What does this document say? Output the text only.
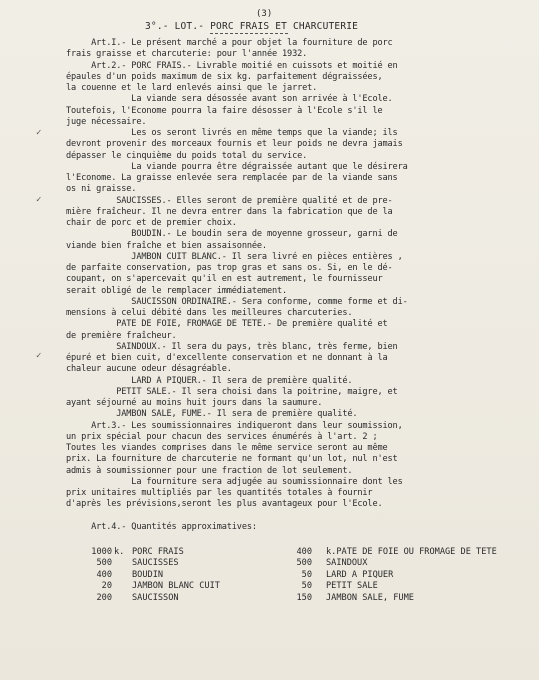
(3)
3°.- LOT.- PORC FRAIS ET CHARCUTERIE
✓
✓
✓
Art.I.- Le présent marché a pour objet la fourniture de porc
frais graisse et charcuterie: pour l'année 1932.
Art.2.- PORC FRAIS.- Livrable moitié en cuissots et moitié en
épaules d'un poids maximum de six kg. parfaitement dégraissées,
la couenne et le lard enlevés ainsi que le jarret.
La viande sera désossée avant son arrivée à l'Ecole.
Toutefois, l'Econome pourra la faire désosser à l'Ecole s'il le
juge nécessaire.
Les os seront livrés en même temps que la viande; ils
devront provenir des morceaux fournis et leur poids ne devra jamais
dépasser le cinquième du poids total du service.
La viande pourra être dégraissée autant que le désirera
l'Econome. La graisse enlevée sera remplacée par de la viande sans
os ni graisse.
SAUCISSES.- Elles seront de première qualité et de pre-
mière fraîcheur. Il ne devra entrer dans la fabrication que de la
chair de porc et de premier choix.
BOUDIN.- Le boudin sera de moyenne grosseur, garni de
viande bien fraîche et bien assaisonnée.
JAMBON CUIT BLANC.- Il sera livré en pièces entières ,
de parfaite conservation, pas trop gras et sans os. Si, en le dé-
coupant, on s'apercevait qu'il en est autrement, le fournisseur
serait obligé de le remplacer immédiatement.
SAUCISSON ORDINAIRE.- Sera conforme, comme forme et di-
mensions à celui débité dans les meilleures charcuteries.
PATE DE FOIE, FROMAGE DE TETE.- De première qualité et
de première fraîcheur.
SAINDOUX.- Il sera du pays, très blanc, très ferme, bien
épuré et bien cuit, d'excellente conservation et ne donnant à la
chaleur aucune odeur désagréable.
LARD A PIQUER.- Il sera de première qualité.
PETIT SALE.- Il sera choisi dans la poitrine, maigre, et
ayant séjourné au moins huit jours dans la saumure.
JAMBON SALE, FUME.- Il sera de première qualité.
Art.3.- Les soumissionnaires indiqueront dans leur soumission,
un prix spécial pour chacun des services énumérés à l'art. 2 ;
Toutes les viandes comprises dans le même service seront au même
prix. La fourniture de charcuterie ne formant qu'un lot, nul n'est
admis à soumissionner pour une fraction de lot seulement.
La fourniture sera adjugée au soumissionnaire dont les
prix unitaires multipliés par les quantités totales à fournir
d'après les prévisions,seront les plus avantageux pour l'Ecole.
Art.4.- Quantités approximatives:
1000 k. PORC FRAIS	400	k.PATE DE FOIE OU FROMAGE DE TETE
500	SAUCISSES	500	SAINDOUX
400	BOUDIN	50	LARD A PIQUER
20	JAMBON BLANC CUIT	50	PETIT SALE
200	SAUCISSON	150	JAMBON SALE, FUME
